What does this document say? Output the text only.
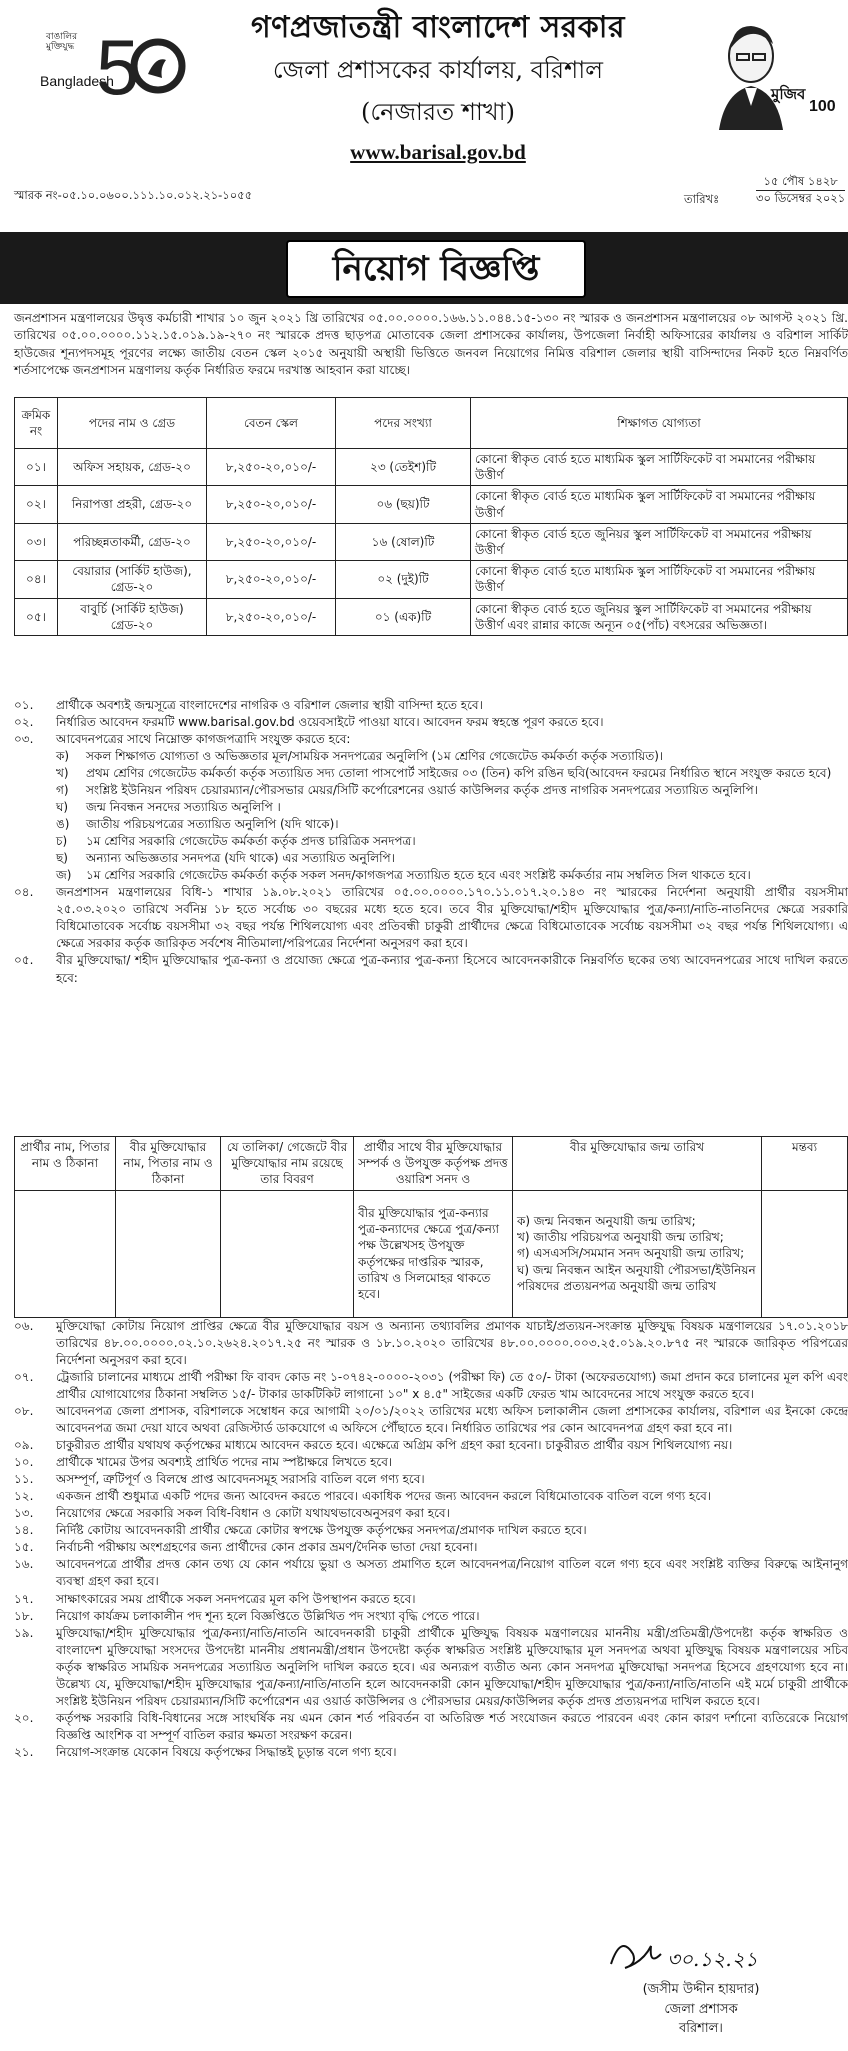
বাঙালির
মুক্তিযুদ্ধ
Bangladesh
5	গণপ্রজাতন্ত্রী বাংলাদেশ সরকার
জেলা প্রশাসকের কার্যালয়, বরিশাল
(নেজারত শাখা)
www.barisal.gov.bd
মুজিব
100
স্মারক নং-০৫.১০.০৬০০.১১১.১০.০১২.২১-১০৫৫	তারিখঃ
১৫ পৌষ ১৪২৮
৩০ ডিসেম্বর ২০২১
নিয়োগ বিজ্ঞপ্তি
জনপ্রশাসন মন্ত্রণালয়ের উদ্বৃত্ত কর্মচারী শাখার ১০ জুন ২০২১ খ্রি তারিখের ০৫.০০.০০০০.১৬৬.১১.০৪৪.১৫-১৩০ নং স্মারক ও জনপ্রশাসন মন্ত্রণালয়ের ০৮ আগস্ট ২০২১ খ্রি. তারিখের ০৫.০০.০০০০.১১২.১৫.০১৯.১৯-২৭০ নং স্মারকে প্রদত্ত ছাড়পত্র মোতাবেক জেলা প্রশাসকের কার্যালয়, উপজেলা নির্বাহী অফিসারের কার্যালয় ও বরিশাল সার্কিট হাউজের শূন্যপদসমূহ পূরণের লক্ষ্যে জাতীয় বেতন স্কেল ২০১৫ অনুযায়ী অস্থায়ী ভিত্তিতে জনবল নিয়োগের নিমিত্ত বরিশাল জেলার স্থায়ী বাসিন্দাদের নিকট হতে নিম্নবর্ণিত শর্তসাপেক্ষে জনপ্রশাসন মন্ত্রণালয় কর্তৃক নির্ধারিত ফরমে দরখাস্ত আহবান করা যাচ্ছে।
ক্রমিক নং	পদের নাম ও গ্রেড	বেতন স্কেল	পদের সংখ্যা	শিক্ষাগত যোগ্যতা
০১।	অফিস সহায়ক, গ্রেড-২০	৮,২৫০-২০,০১০/-	২৩ (তেইশ)টি	কোনো স্বীকৃত বোর্ড হতে মাধ্যমিক স্কুল সার্টিফিকেট বা সমমানের পরীক্ষায় উত্তীর্ণ
০২।	নিরাপত্তা প্রহরী, গ্রেড-২০	৮,২৫০-২০,০১০/-	০৬ (ছয়)টি	কোনো স্বীকৃত বোর্ড হতে মাধ্যমিক স্কুল সার্টিফিকেট বা সমমানের পরীক্ষায় উত্তীর্ণ
০৩।	পরিচ্ছন্নতাকর্মী, গ্রেড-২০	৮,২৫০-২০,০১০/-	১৬ (ষোল)টি	কোনো স্বীকৃত বোর্ড হতে জুনিয়র স্কুল সার্টিফিকেট বা সমমানের পরীক্ষায় উত্তীর্ণ
০৪।	বেয়ারার (সার্কিট হাউজ), গ্রেড-২০	৮,২৫০-২০,০১০/-	০২ (দুই)টি	কোনো স্বীকৃত বোর্ড হতে মাধ্যমিক স্কুল সার্টিফিকেট বা সমমানের পরীক্ষায় উত্তীর্ণ
০৫।	বাবুর্চি (সার্কিট হাউজ) গ্রেড-২০	৮,২৫০-২০,০১০/-	০১ (এক)টি	কোনো স্বীকৃত বোর্ড হতে জুনিয়র স্কুল সার্টিফিকেট বা সমমানের পরীক্ষায় উত্তীর্ণ এবং রান্নার কাজে অন্যূন ০৫(পাঁচ) বৎসরের অভিজ্ঞতা।
০১.	প্রার্থীকে অবশ্যই জন্মসূত্রে বাংলাদেশের নাগরিক ও বরিশাল জেলার স্থায়ী বাসিন্দা হতে হবে।
০২.	নির্ধারিত আবেদন ফরমটি www.barisal.gov.bd ওয়েবসাইটে পাওয়া যাবে। আবেদন ফরম স্বহস্তে পূরণ করতে হবে।
০৩.	আবেদনপত্রের সাথে নিম্নোক্ত কাগজপত্রাদি সংযুক্ত করতে হবে:
ক)	সকল শিক্ষাগত যোগ্যতা ও অভিজ্ঞতার মূল/সাময়িক সনদপত্রের অনুলিপি (১ম শ্রেণির গেজেটেড কর্মকর্তা কর্তৃক সত্যায়িত)।
খ)	প্রথম শ্রেণির গেজেটেড কর্মকর্তা কর্তৃক সত্যায়িত সদ্য তোলা পাসপোর্ট সাইজের ০৩ (তিন) কপি রঙিন ছবি(আবেদন ফরমের নির্ধারিত স্থানে সংযুক্ত করতে হবে)
গ)	সংশ্লিষ্ট ইউনিয়ন পরিষদ চেয়ারম্যান/পৌরসভার মেয়র/সিটি কর্পোরেশনের ওয়ার্ড কাউন্সিলর কর্তৃক প্রদত্ত নাগরিক সনদপত্রের সত্যায়িত অনুলিপি।
ঘ)	জন্ম নিবন্ধন সনদের সত্যায়িত অনুলিপি ।
ঙ)	জাতীয় পরিচয়পত্রের সত্যায়িত অনুলিপি (যদি থাকে)।
চ)	১ম শ্রেণির সরকারি গেজেটেড কর্মকর্তা কর্তৃক প্রদত্ত চারিত্রিক সনদপত্র।
ছ)	অন্যান্য অভিজ্ঞতার সনদপত্র (যদি থাকে) এর সত্যায়িত অনুলিপি।
জ)	১ম শ্রেণির সরকারি গেজেটেড কর্মকর্তা কর্তৃক সকল সনদ/কাগজপত্র সত্যায়িত হতে হবে এবং সংশ্লিষ্ট কর্মকর্তার নাম সম্বলিত সিল থাকতে হবে।
০৪.	জনপ্রশাসন মন্ত্রণালয়ের বিধি-১ শাখার ১৯.০৮.২০২১ তারিখের ০৫.০০.০০০০.১৭০.১১.০১৭.২০.১৪৩ নং স্মারকের নির্দেশনা অনুযায়ী প্রার্থীর বয়সসীমা ২৫.০৩.২০২০ তারিখে সর্বনিম্ন ১৮ হতে সর্বোচ্চ ৩০ বছরের মধ্যে হতে হবে। তবে বীর মুক্তিযোদ্ধা/শহীদ মুক্তিযোদ্ধার পুত্র/কন্যা/নাতি-নাতনিদের ক্ষেত্রে সরকারি বিধিমোতাবেক সর্বোচ্চ বয়সসীমা ৩২ বছর পর্যন্ত শিথিলযোগ্য এবং প্রতিবন্ধী চাকুরী প্রার্থীদের ক্ষেত্রে বিধিমোতাবেক সর্বোচ্চ বয়সসীমা ৩২ বছর পর্যন্ত শিথিলযোগ্য। এ ক্ষেত্রে সরকার কর্তৃক জারিকৃত সর্বশেষ নীতিমালা/পরিপত্রের নির্দেশনা অনুসরণ করা হবে।
০৫.	বীর মুক্তিযোদ্ধা/ শহীদ মুক্তিযোদ্ধার পুত্র-কন্যা ও প্রযোজ্য ক্ষেত্রে পুত্র-কন্যার পুত্র-কন্যা হিসেবে আবেদনকারীকে নিম্নবর্ণিত ছকের তথ্য আবেদনপত্রের সাথে দাখিল করতে হবে:
প্রার্থীর নাম, পিতার নাম ও ঠিকানা	বীর মুক্তিযোদ্ধার নাম, পিতার নাম ও ঠিকানা	যে তালিকা/ গেজেটে বীর মুক্তিযোদ্ধার নাম রয়েছে তার বিবরণ	প্রার্থীর সাথে বীর মুক্তিযোদ্ধার সম্পর্ক ও উপযুক্ত কর্তৃপক্ষ প্রদত্ত ওয়ারিশ সনদ ও	বীর মুক্তিযোদ্ধার জন্ম তারিখ	মন্তব্য
			বীর মুক্তিযোদ্ধার পুত্র-কন্যার পুত্র-কন্যাদের ক্ষেত্রে পুত্র/কন্যা পক্ষ উল্লেখসহ উপযুক্ত কর্তৃপক্ষের দাপ্তরিক স্মারক, তারিখ ও সিলমোহর থাকতে হবে।	ক) জন্ম নিবন্ধন অনুযায়ী জন্ম তারিখ;
খ) জাতীয় পরিচয়পত্র অনুযায়ী জন্ম তারিখ;
গ) এসএসসি/সমমান সনদ অনুযায়ী জন্ম তারিখ;
ঘ) জন্ম নিবন্ধন আইন অনুযায়ী পৌরসভা/ইউনিয়ন পরিষদের প্রত্যয়নপত্র অনুযায়ী জন্ম তারিখ	

০৬.	মুক্তিযোদ্ধা কোটায় নিয়োগ প্রাপ্তির ক্ষেত্রে বীর মুক্তিযোদ্ধার বয়স ও অন্যান্য তথ্যাবলির প্রমাণক যাচাই/প্রত্যয়ন-সংক্রান্ত মুক্তিযুদ্ধ বিষয়ক মন্ত্রণালয়ের ১৭.০১.২০১৮ তারিখের ৪৮.০০.০০০০.০২.১০.২৬২৪.২০১৭.২৫ নং স্মারক ও ১৮.১০.২০২০ তারিখের ৪৮.০০.০০০০.০০৩.২৫.০১৯.২০.৮৭৫ নং স্মারকে জারিকৃত পরিপত্রের নির্দেশনা অনুসরণ করা হবে।
০৭.	ট্রেজারি চালানের মাধ্যমে প্রার্থী পরীক্ষা ফি বাবদ কোড নং ১-০৭৪২-০০০০-২০৩১ (পরীক্ষা ফি) তে ৫০/- টাকা (অফেরতযোগ্য) জমা প্রদান করে চালানের মূল কপি এবং প্রার্থীর যোগাযোগের ঠিকানা সম্বলিত ১৫/- টাকার ডাকটিকিট লাগানো ১০" x ৪.৫" সাইজের একটি ফেরত খাম আবেদনের সাথে সংযুক্ত করতে হবে।
০৮.	আবেদনপত্র জেলা প্রশাসক, বরিশালকে সম্বোধন করে আগামী ২০/০১/২০২২ তারিখের মধ্যে অফিস চলাকালীন জেলা প্রশাসকের কার্যালয়, বরিশাল এর ইনকো কেন্দ্রে আবেদনপত্র জমা দেয়া যাবে অথবা রেজিস্টার্ড ডাকযোগে এ অফিসে পৌঁছাতে হবে। নির্ধারিত তারিখের পর কোন আবেদনপত্র গ্রহণ করা হবে না।
০৯.	চাকুরীরত প্রার্থীর যথাযথ কর্তৃপক্ষের মাধ্যমে আবেদন করতে হবে। এক্ষেত্রে অগ্রিম কপি গ্রহণ করা হবেনা। চাকুরীরত প্রার্থীর বয়স শিথিলযোগ্য নয়।
১০.	প্রার্থীকে খামের উপর অবশ্যই প্রার্থিত পদের নাম স্পষ্টাক্ষরে লিখতে হবে।
১১.	অসম্পূর্ণ, ত্রুটিপূর্ণ ও বিলম্বে প্রাপ্ত আবেদনসমূহ সরাসরি বাতিল বলে গণ্য হবে।
১২.	একজন প্রার্থী শুধুমাত্র একটি পদের জন্য আবেদন করতে পারবে। একাধিক পদের জন্য আবেদন করলে বিধিমোতাবেক বাতিল বলে গণ্য হবে।
১৩.	নিয়োগের ক্ষেত্রে সরকারি সকল বিধি-বিধান ও কোটা যথাযথভাবেঅনুসরণ করা হবে।
১৪.	নির্দিষ্ট কোটায় আবেদনকারী প্রার্থীর ক্ষেত্রে কোটার স্বপক্ষে উপযুক্ত কর্তৃপক্ষের সনদপত্র/প্রমাণক দাখিল করতে হবে।
১৫.	নির্বাচনী পরীক্ষায় অংশগ্রহণের জন্য প্রার্থীদের কোন প্রকার ভ্রমণ/দৈনিক ভাতা দেয়া হবেনা।
১৬.	আবেদনপত্রে প্রার্থীর প্রদত্ত কোন তথ্য যে কোন পর্যায়ে ভুয়া ও অসত্য প্রমাণিত হলে আবেদনপত্র/নিয়োগ বাতিল বলে গণ্য হবে এবং সংশ্লিষ্ট ব্যক্তির বিরুদ্ধে আইনানুগ ব্যবস্থা গ্রহণ করা হবে।
১৭.	সাক্ষাৎকারের সময় প্রার্থীকে সকল সনদপত্রের মূল কপি উপস্থাপন করতে হবে।
১৮.	নিয়োগ কার্যক্রম চলাকালীন পদ শূন্য হলে বিজ্ঞপ্তিতে উল্লিখিত পদ সংখ্যা বৃদ্ধি পেতে পারে।
১৯.	মুক্তিযোদ্ধা/শহীদ মুক্তিযোদ্ধার পুত্র/কন্যা/নাতি/নাতনি আবেদনকারী চাকুরী প্রার্থীকে মুক্তিযুদ্ধ বিষয়ক মন্ত্রণালয়ের মাননীয় মন্ত্রী/প্রতিমন্ত্রী/উপদেষ্টা কর্তৃক স্বাক্ষরিত ও বাংলাদেশ মুক্তিযোদ্ধা সংসদের উপদেষ্টা মাননীয় প্রধানমন্ত্রী/প্রধান উপদেষ্টা কর্তৃক স্বাক্ষরিত সংশ্লিষ্ট মুক্তিযোদ্ধার মূল সনদপত্র অথবা মুক্তিযুদ্ধ বিষয়ক মন্ত্রণালয়ের সচিব কর্তৃক স্বাক্ষরিত সাময়িক সনদপত্রের সত্যায়িত অনুলিপি দাখিল করতে হবে। এর অন্যরূপ ব্যতীত অন্য কোন সনদপত্র মুক্তিযোদ্ধা সনদপত্র হিসেবে গ্রহণযোগ্য হবে না। উল্লেখ্য যে, মুক্তিযোদ্ধা/শহীদ মুক্তিযোদ্ধার পুত্র/কন্যা/নাতি/নাতনি হলে আবেদনকারী কোন মুক্তিযোদ্ধা/শহীদ মুক্তিযোদ্ধার পুত্র/কন্যা/নাতি/নাতনি এই মর্মে চাকুরী প্রার্থীকে সংশ্লিষ্ট ইউনিয়ন পরিষদ চেয়ারম্যান/সিটি কর্পোরেশন এর ওয়ার্ড কাউন্সিলর ও পৌরসভার মেয়র/কাউন্সিলর কর্তৃক প্রদত্ত প্রত্যয়নপত্র দাখিল করতে হবে।
২০.	কর্তৃপক্ষ সরকারি বিধি-বিধানের সঙ্গে সাংঘর্ষিক নয় এমন কোন শর্ত পরিবর্তন বা অতিরিক্ত শর্ত সংযোজন করতে পারবেন এবং কোন কারণ দর্শানো ব্যতিরেকে নিয়োগ বিজ্ঞপ্তি আংশিক বা সম্পূর্ণ বাতিল করার ক্ষমতা সংরক্ষণ করেন।
২১.	নিয়োগ-সংক্রান্ত যেকোন বিষয়ে কর্তৃপক্ষের সিদ্ধান্তই চূড়ান্ত বলে গণ্য হবে।
৩০.১২.২১
(জসীম উদ্দীন হায়দার)
জেলা প্রশাসক
বরিশাল।
